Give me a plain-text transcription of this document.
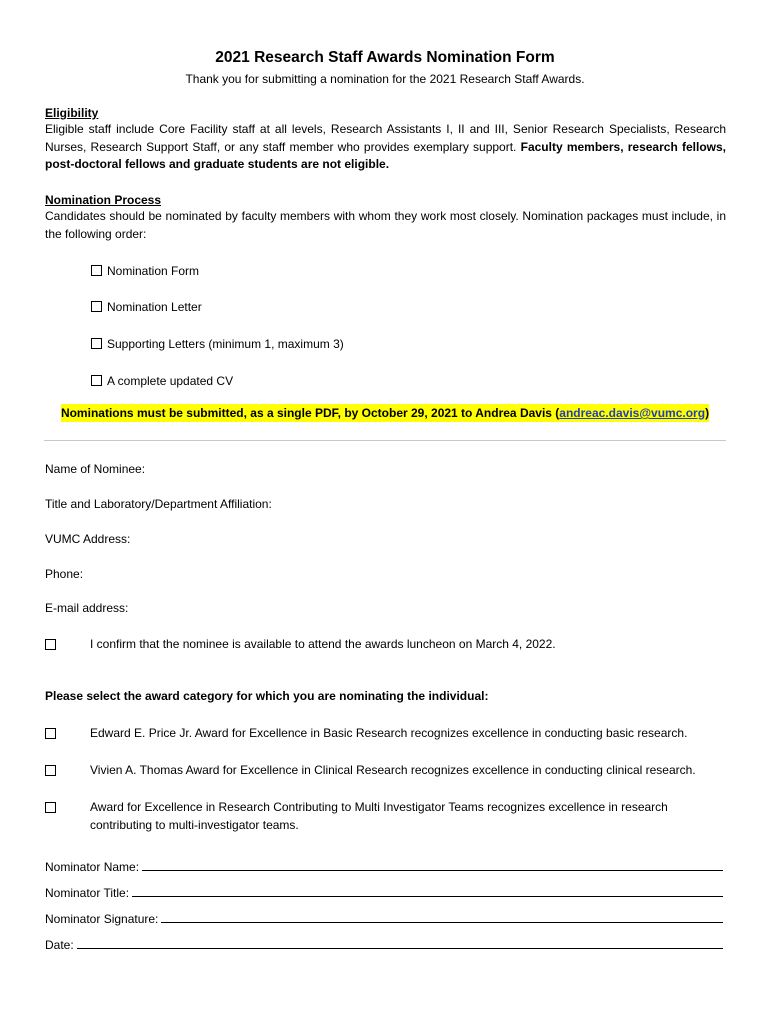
2021 Research Staff Awards Nomination Form
Thank you for submitting a nomination for the 2021 Research Staff Awards.
Eligibility
Eligible staff include Core Facility staff at all levels, Research Assistants I, II and III, Senior Research Specialists, Research Nurses, Research Support Staff, or any staff member who provides exemplary support. Faculty members, research fellows, post-doctoral fellows and graduate students are not eligible.
Nomination Process
Candidates should be nominated by faculty members with whom they work most closely. Nomination packages must include, in the following order:
Nomination Form
Nomination Letter
Supporting Letters (minimum 1, maximum 3)
A complete updated CV
Nominations must be submitted, as a single PDF, by October 29, 2021 to Andrea Davis (andreac.davis@vumc.org)
Name of Nominee:
Title and Laboratory/Department Affiliation:
VUMC Address:
Phone:
E-mail address:
I confirm that the nominee is available to attend the awards luncheon on March 4, 2022.
Please select the award category for which you are nominating the individual:
Edward E. Price Jr. Award for Excellence in Basic Research recognizes excellence in conducting basic research.
Vivien A. Thomas Award for Excellence in Clinical Research recognizes excellence in conducting clinical research.
Award for Excellence in Research Contributing to Multi Investigator Teams recognizes excellence in research contributing to multi-investigator teams.
Nominator Name:
Nominator Title:
Nominator Signature:
Date:
